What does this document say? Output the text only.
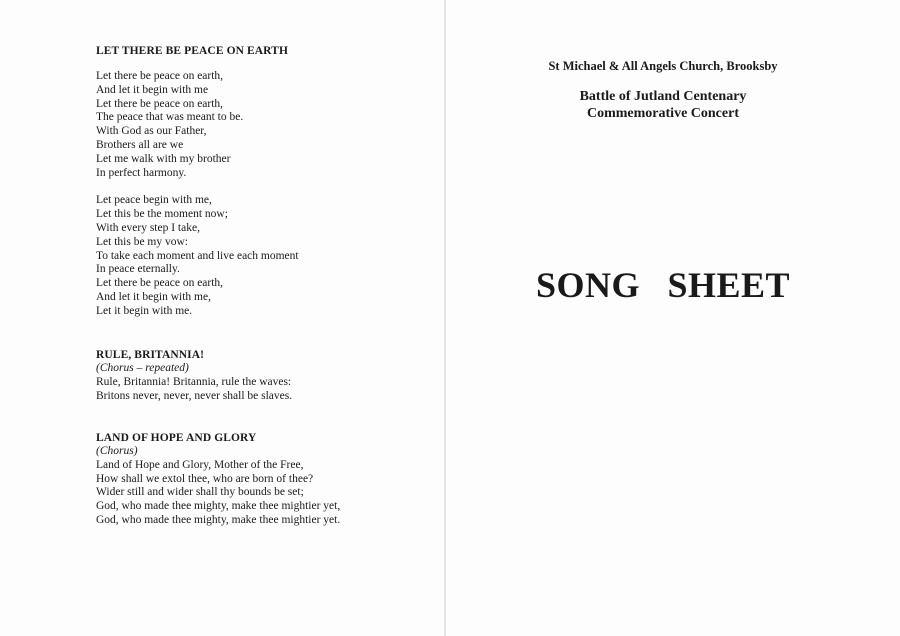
LET THERE BE PEACE ON EARTH
Let there be peace on earth,
And let it begin with me
Let there be peace on earth,
The peace that was meant to be.
With God as our Father,
Brothers all are we
Let me walk with my brother
In perfect harmony.
Let peace begin with me,
Let this be the moment now;
With every step I take,
Let this be my vow:
To take each moment and live each moment
In peace eternally.
Let there be peace on earth,
And let it begin with me,
Let it begin with me.
RULE, BRITANNIA!
(Chorus – repeated)
Rule, Britannia! Britannia, rule the waves:
Britons never, never, never shall be slaves.
LAND OF HOPE AND GLORY
(Chorus)
Land of Hope and Glory, Mother of the Free,
How shall we extol thee, who are born of thee?
Wider still and wider shall thy bounds be set;
God, who made thee mighty, make thee mightier yet,
God, who made thee mighty, make thee mightier yet.
St Michael & All Angels Church, Brooksby
Battle of Jutland Centenary
Commemorative Concert
SONG SHEET
